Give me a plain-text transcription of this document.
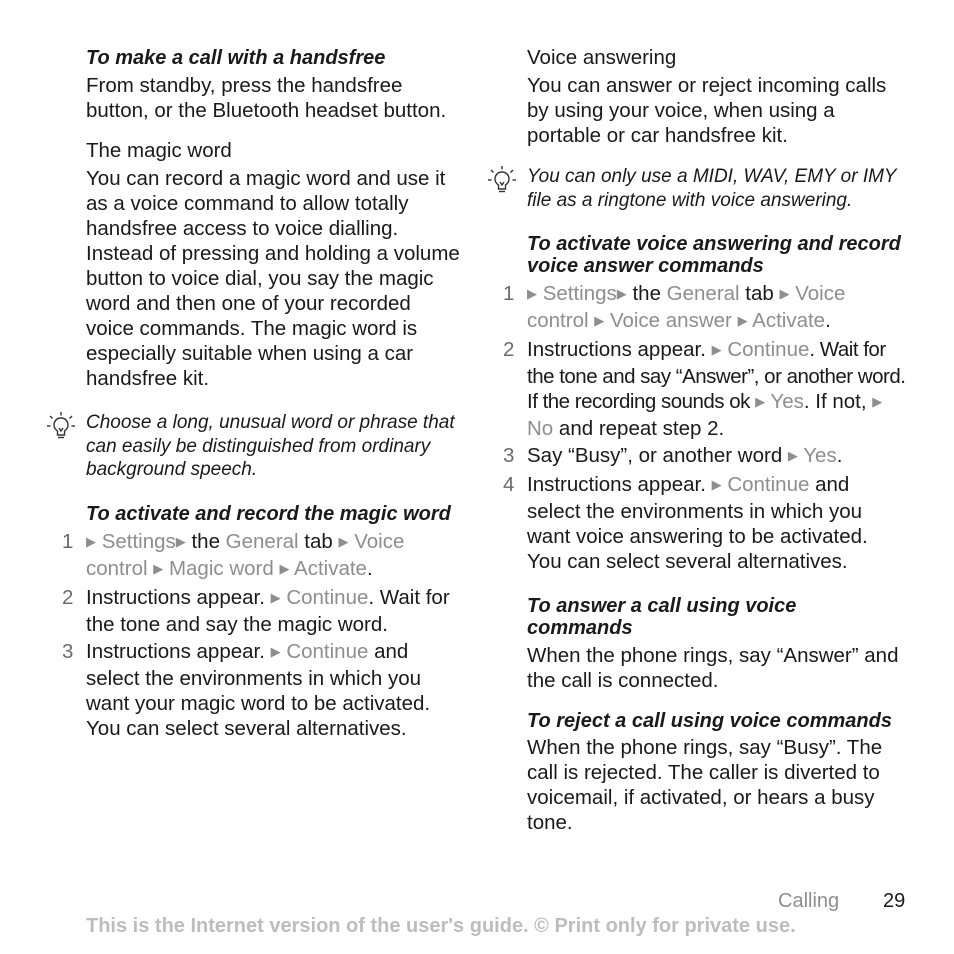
To make a call with a handsfree
From standby, press the handsfree button, or the Bluetooth headset button.
The magic word
You can record a magic word and use it as a voice command to allow totally handsfree access to voice dialling. Instead of pressing and holding a volume button to voice dial, you say the magic word and then one of your recorded voice commands. The magic word is especially suitable when using a car handsfree kit.
Choose a long, unusual word or phrase that can easily be distinguished from ordinary background speech.
To activate and record the magic word
1 ▶ Settings▶ the General tab ▶ Voice control ▶ Magic word ▶ Activate.
2 Instructions appear. ▶ Continue. Wait for the tone and say the magic word.
3 Instructions appear. ▶ Continue and select the environments in which you want your magic word to be activated. You can select several alternatives.
Voice answering
You can answer or reject incoming calls by using your voice, when using a portable or car handsfree kit.
You can only use a MIDI, WAV, EMY or IMY file as a ringtone with voice answering.
To activate voice answering and record voice answer commands
1 ▶ Settings▶ the General tab ▶ Voice control ▶ Voice answer ▶ Activate.
2 Instructions appear. ▶ Continue. Wait for the tone and say “Answer”, or another word. If the recording sounds ok ▶ Yes. If not, ▶ No and repeat step 2.
3 Say “Busy”, or another word ▶ Yes.
4 Instructions appear. ▶ Continue and select the environments in which you want voice answering to be activated. You can select several alternatives.
To answer a call using voice commands
When the phone rings, say “Answer” and the call is connected.
To reject a call using voice commands
When the phone rings, say “Busy”. The call is rejected. The caller is diverted to voicemail, if activated, or hears a busy tone.
Calling 29
This is the Internet version of the user's guide. © Print only for private use.
